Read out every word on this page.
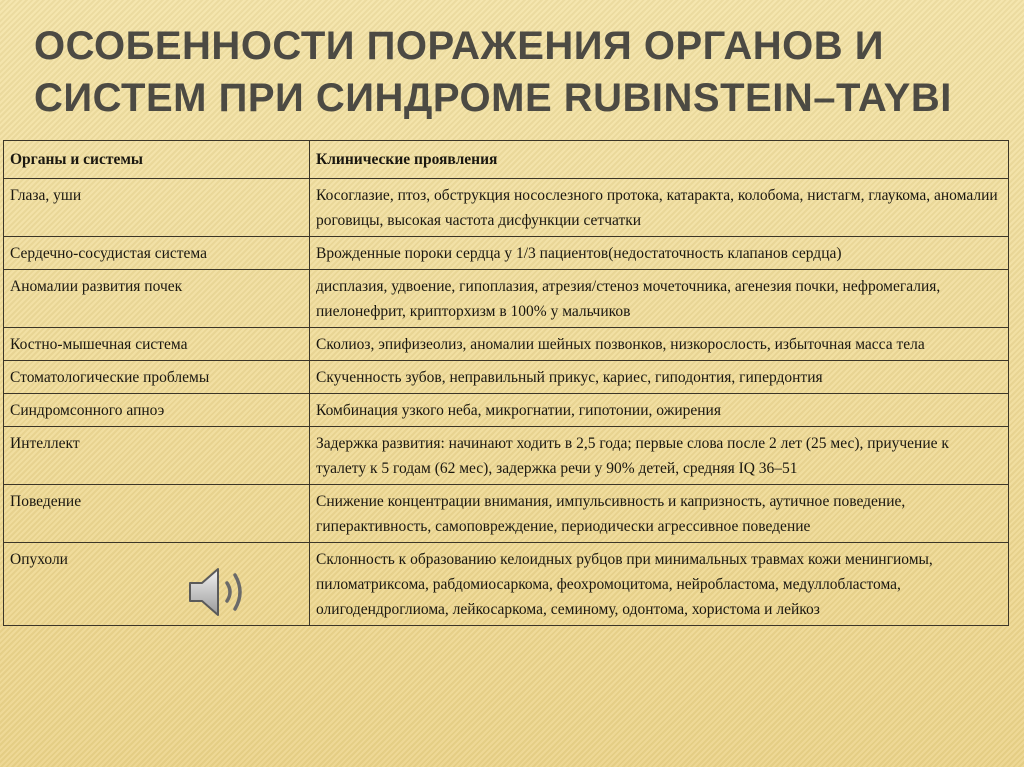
ОСОБЕННОСТИ ПОРАЖЕНИЯ ОРГАНОВ И
СИСТЕМ ПРИ СИНДРОМЕ RUBINSTEIN–TAYBI
Органы и системы	Клинические проявления
Глаза, уши	Косоглазие, птоз, обструкция носослезного протока, катаракта, колобома, нистагм, глаукома, аномалии роговицы, высокая частота дисфункции сетчатки
Сердечно-сосудистая система	Врожденные пороки сердца у 1/3 пациентов(недостаточность клапанов сердца)
Аномалии развития почек	дисплазия, удвоение, гипоплазия, атрезия/стеноз мочеточника, агенезия почки, нефромегалия, пиелонефрит, крипторхизм в 100% у мальчиков
Костно-мышечная система	Сколиоз, эпифизеолиз, аномалии шейных позвонков, низкорослость, избыточная масса тела
Стоматологические проблемы	Скученность зубов, неправильный прикус, кариес, гиподонтия, гипердонтия
Синдромсонного апноэ	Комбинация узкого неба, микрогнатии, гипотонии, ожирения
Интеллект	Задержка развития: начинают ходить в 2,5 года; первые слова после 2 лет (25 мес), приучение к туалету к 5 годам (62 мес), задержка речи у 90% детей, средняя IQ 36–51
Поведение	Снижение концентрации внимания, импульсивность и капризность, аутичное поведение, гиперактивность, самоповреждение, периодически агрессивное поведение
Опухоли	Склонность к образованию келоидных рубцов при минимальных травмах кожи менингиомы, пиломатриксома, рабдомиосаркома, феохромоцитома, нейробластома, медуллобластома, олигодендроглиома, лейкосаркома, семиному, одонтома, хористома и лейкоз
